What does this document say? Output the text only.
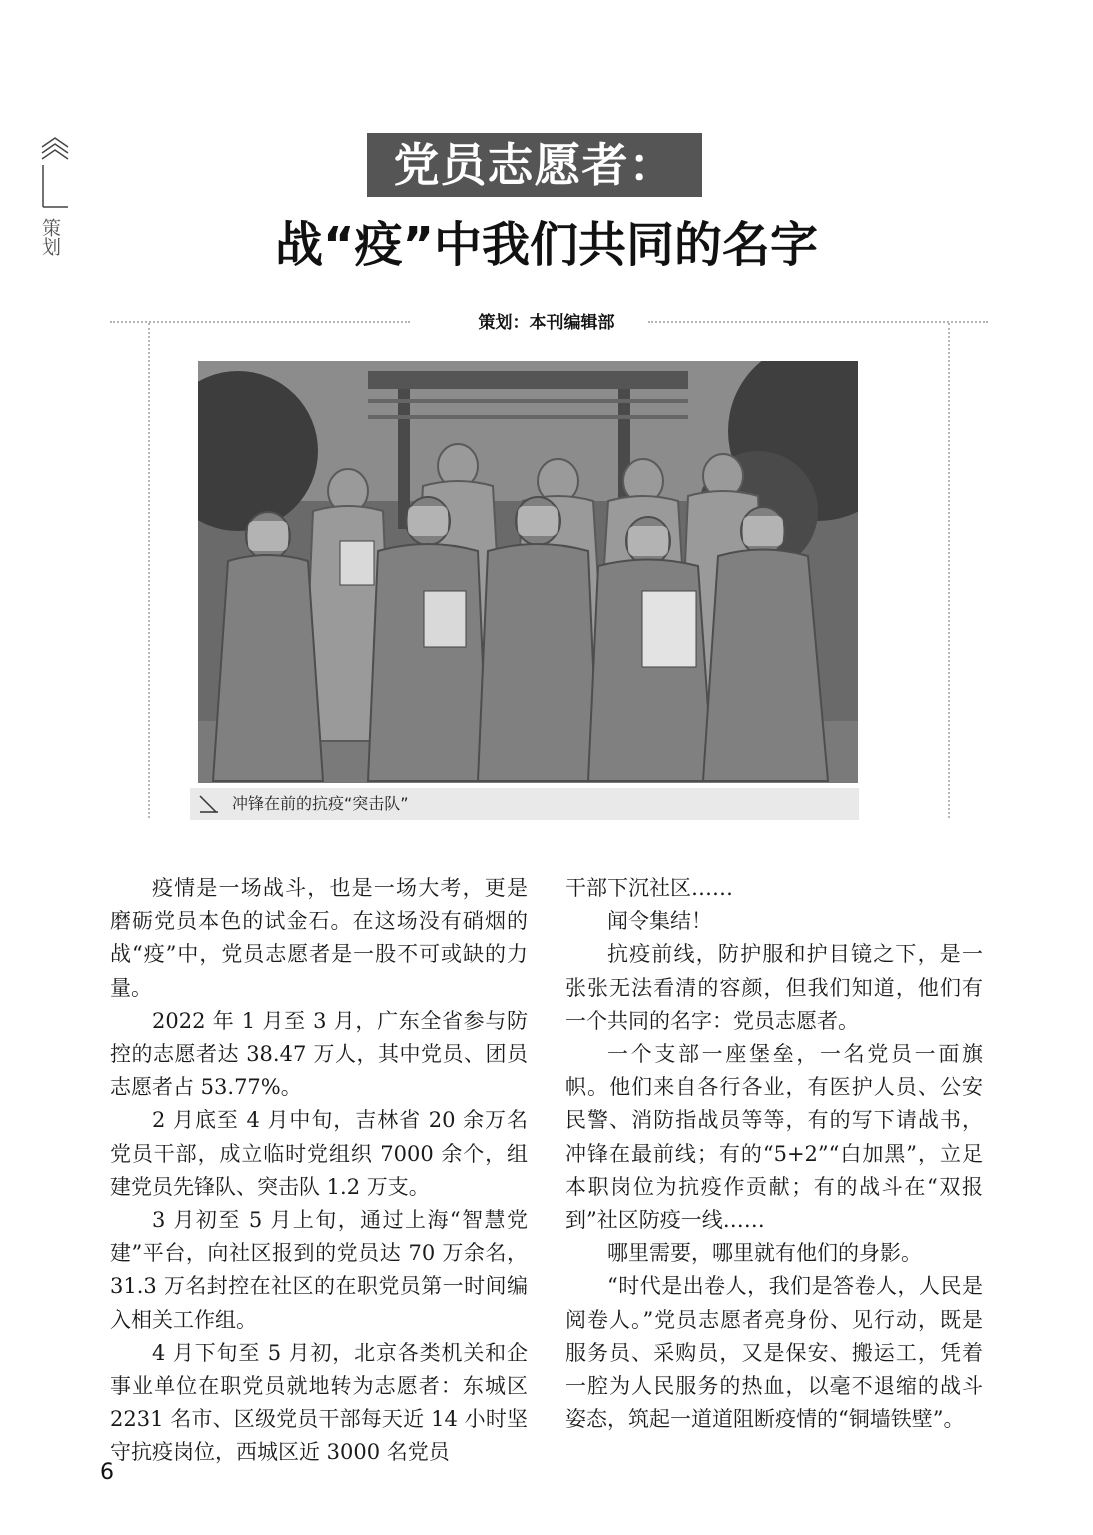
策划
党员志愿者：
战“疫”中我们共同的名字
策划：本刊编辑部
冲锋在前的抗疫“突击队”

疫情是一场战斗，也是一场大考，更是磨砺党员本色的试金石。在这场没有硝烟的战“疫”中，党员志愿者是一股不可或缺的力量。

2022 年 1 月至 3 月，广东全省参与防控的志愿者达 38.47 万人，其中党员、团员志愿者占 53.77%。

2 月底至 4 月中旬，吉林省 20 余万名党员干部，成立临时党组织 7000 余个，组建党员先锋队、突击队 1.2 万支。

3 月初至 5 月上旬，通过上海“智慧党建”平台，向社区报到的党员达 70 万余名，31.3 万名封控在社区的在职党员第一时间编入相关工作组。

4 月下旬至 5 月初，北京各类机关和企事业单位在职党员就地转为志愿者：东城区 2231 名市、区级党员干部每天近 14 小时坚守抗疫岗位，西城区近 3000 名党员

干部下沉社区……

闻令集结！

抗疫前线，防护服和护目镜之下，是一张张无法看清的容颜，但我们知道，他们有一个共同的名字：党员志愿者。

一个支部一座堡垒，一名党员一面旗帜。他们来自各行各业，有医护人员、公安民警、消防指战员等等，有的写下请战书，冲锋在最前线；有的“5+2”“白加黑”，立足本职岗位为抗疫作贡献；有的战斗在“双报到”社区防疫一线……

哪里需要，哪里就有他们的身影。

“时代是出卷人，我们是答卷人，人民是阅卷人。”党员志愿者亮身份、见行动，既是服务员、采购员，又是保安、搬运工，凭着一腔为人民服务的热血，以毫不退缩的战斗姿态，筑起一道道阻断疫情的“铜墙铁壁”。

6
